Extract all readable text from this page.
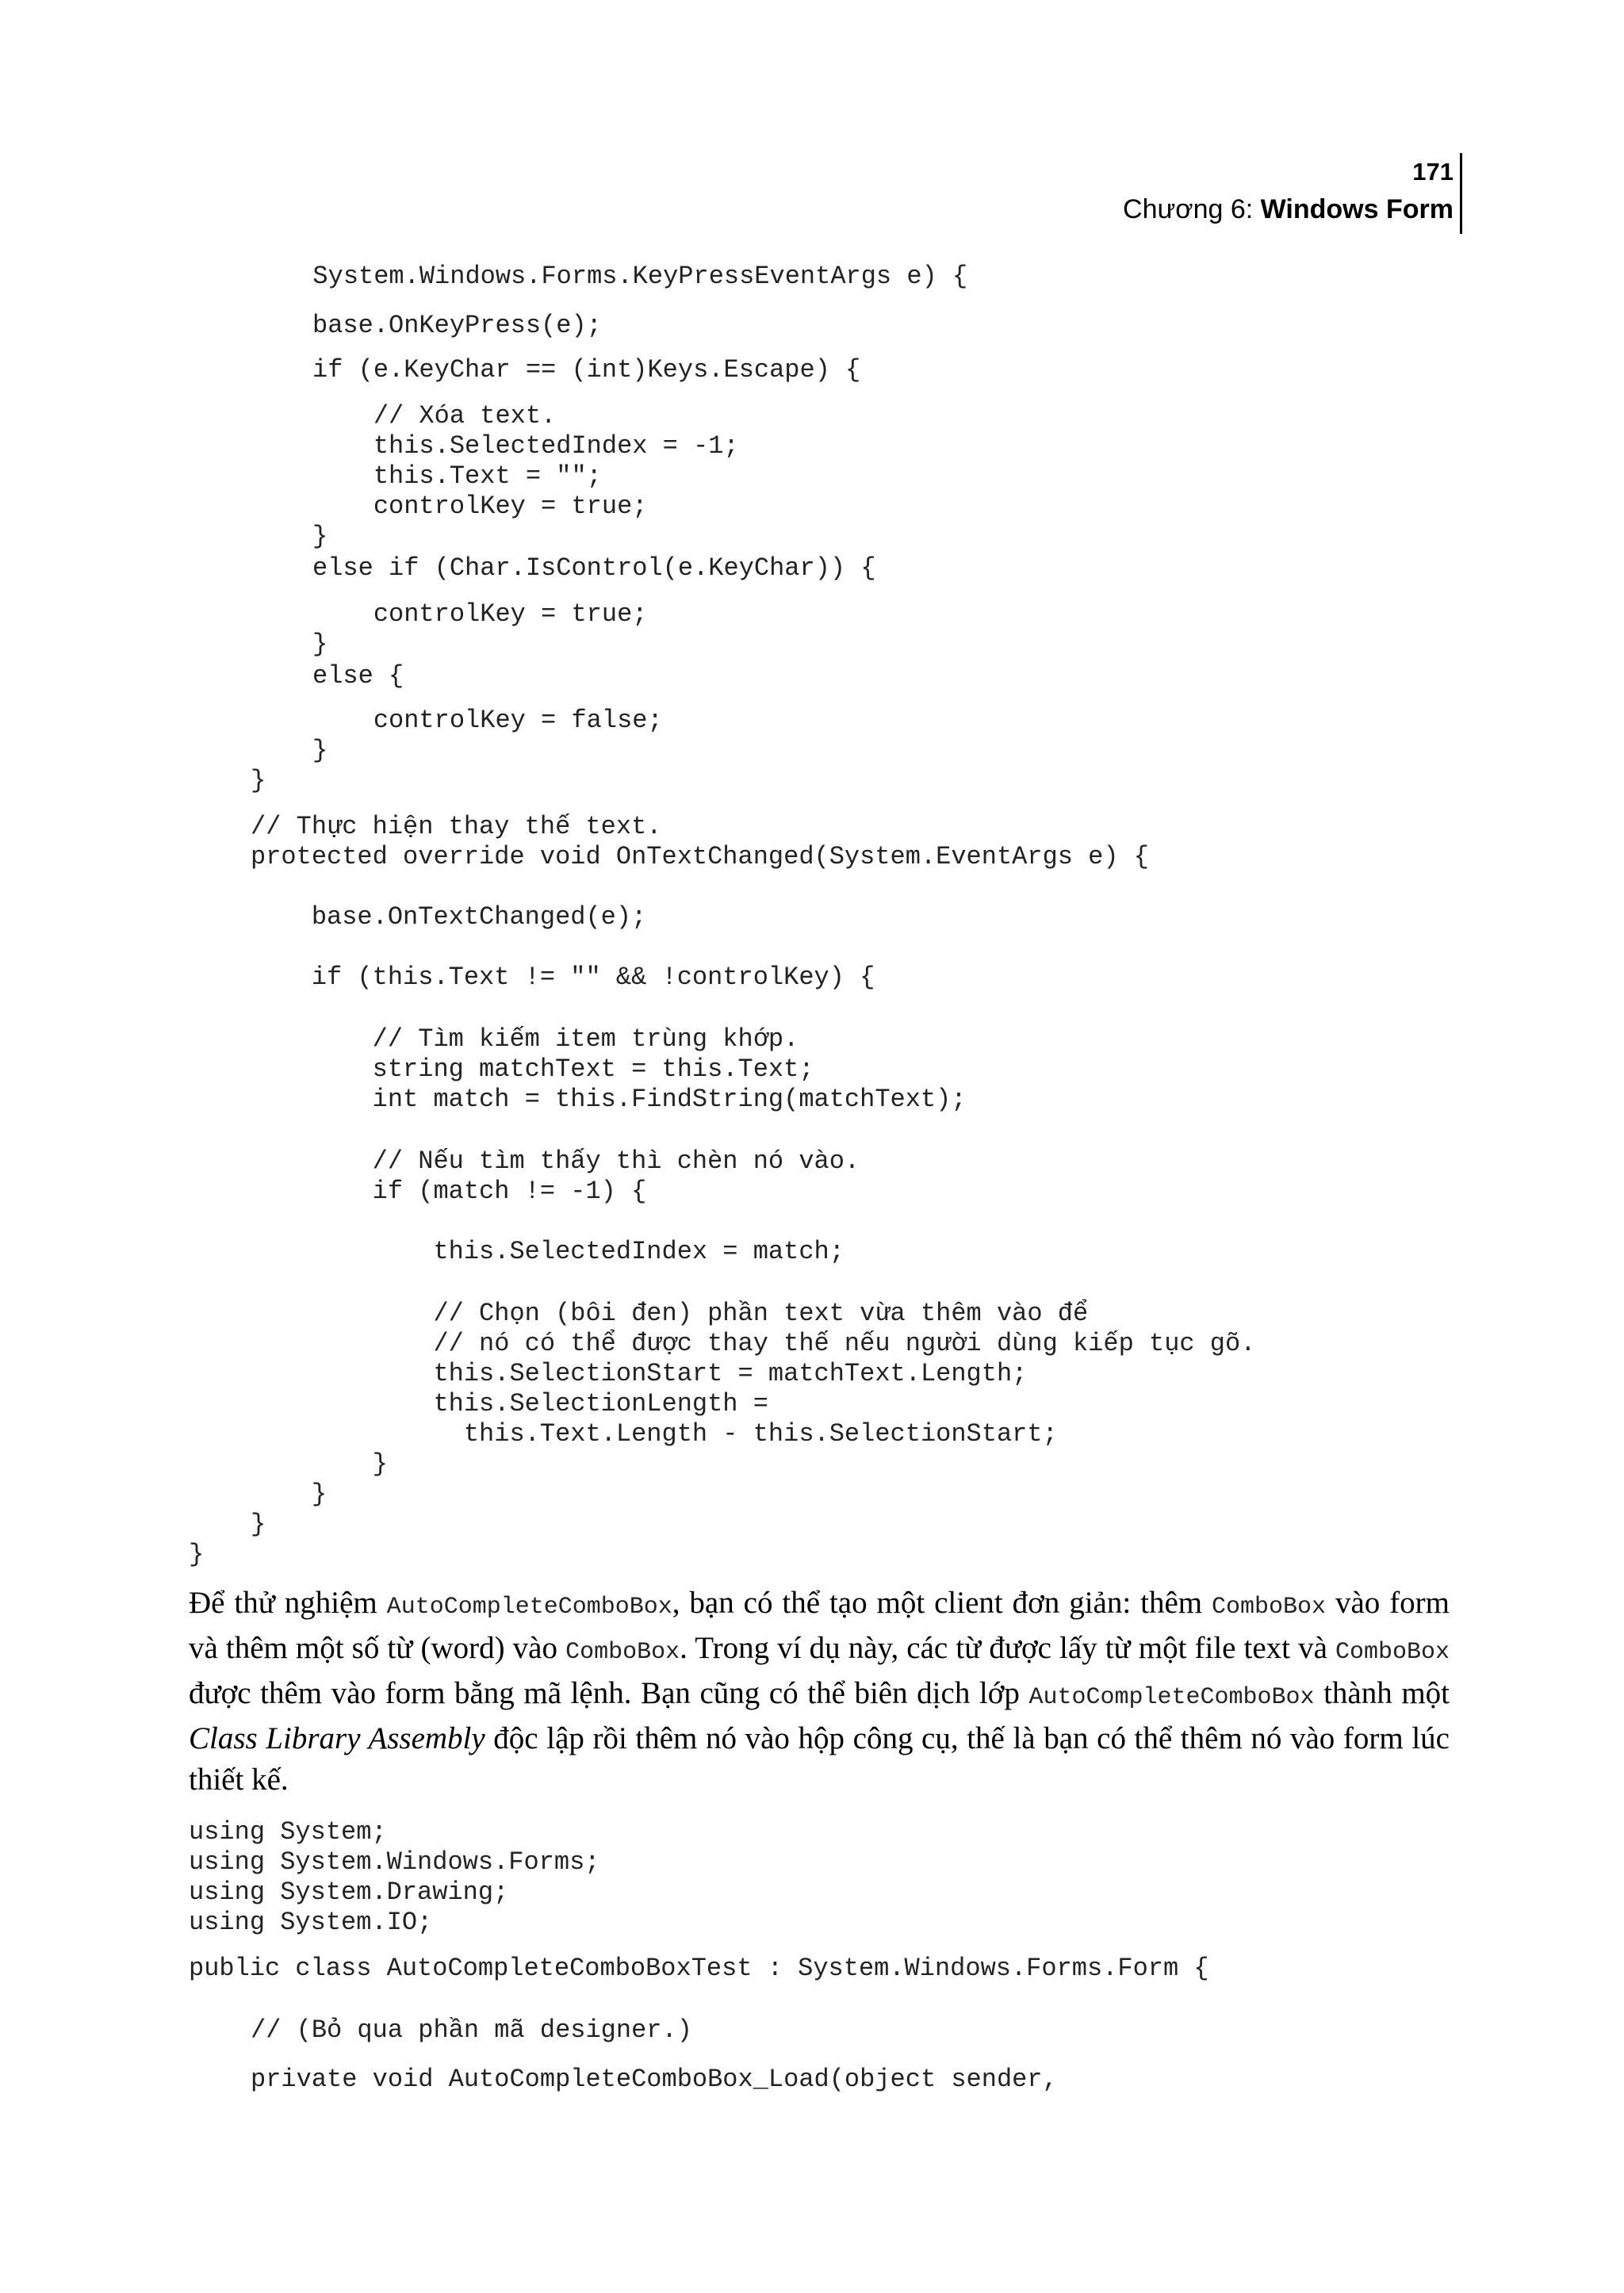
171
Chương 6: Windows Form
System.Windows.Forms.KeyPressEventArgs e) {
base.OnKeyPress(e);
if (e.KeyChar == (int)Keys.Escape) {
// Xóa text.
this.SelectedIndex = -1;
this.Text = "";
controlKey = true;
}
else if (Char.IsControl(e.KeyChar)) {
controlKey = true;
}
else {
controlKey = false;
}
}
// Thực hiện thay thế text.
protected override void OnTextChanged(System.EventArgs e) {
base.OnTextChanged(e);
if (this.Text != "" && !controlKey) {
// Tìm kiếm item trùng khớp.
string matchText = this.Text;
int match = this.FindString(matchText);
// Nếu tìm thấy thì chèn nó vào.
if (match != -1) {
this.SelectedIndex = match;
// Chọn (bôi đen) phần text vừa thêm vào để
// nó có thể được thay thế nếu người dùng kiếp tục gõ.
this.SelectionStart = matchText.Length;
this.SelectionLength =
this.Text.Length - this.SelectionStart;
}
}
}
}
Để thử nghiệm AutoCompleteComboBox, bạn có thể tạo một client đơn giản: thêm ComboBox vào form và thêm một số từ (word) vào ComboBox. Trong ví dụ này, các từ được lấy từ một file text và ComboBox được thêm vào form bằng mã lệnh. Bạn cũng có thể biên dịch lớp AutoCompleteComboBox thành một Class Library Assembly độc lập rồi thêm nó vào hộp công cụ, thế là bạn có thể thêm nó vào form lúc thiết kế.
using System;
using System.Windows.Forms;
using System.Drawing;
using System.IO;
public class AutoCompleteComboBoxTest : System.Windows.Forms.Form {
// (Bỏ qua phần mã designer.)
private void AutoCompleteComboBox_Load(object sender,
